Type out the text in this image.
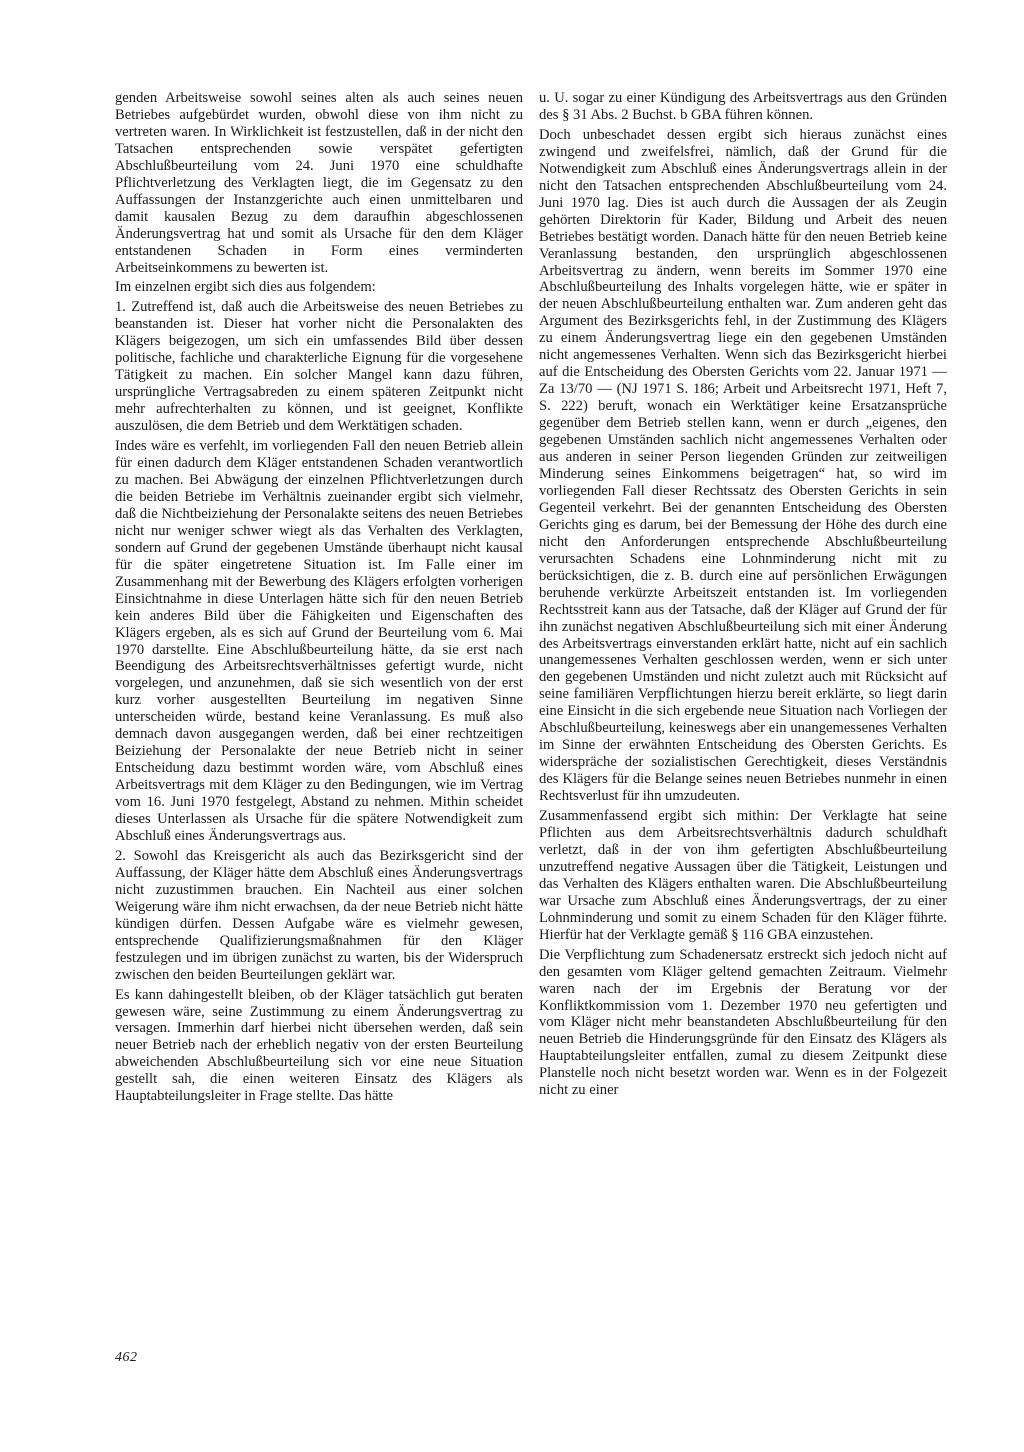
genden Arbeitsweise sowohl seines alten als auch seines neuen Betriebes aufgebürdet wurden, obwohl diese von ihm nicht zu vertreten waren. In Wirklichkeit ist festzustellen, daß in der nicht den Tatsachen entsprechenden sowie verspätet gefertigten Abschlußbeurteilung vom 24. Juni 1970 eine schuldhafte Pflichtverletzung des Verklagten liegt, die im Gegensatz zu den Auffassungen der Instanzgerichte auch einen unmittelbaren und damit kausalen Bezug zu dem daraufhin abgeschlossenen Änderungsvertrag hat und somit als Ursache für den dem Kläger entstandenen Schaden in Form eines verminderten Arbeitseinkommens zu bewerten ist.

Im einzelnen ergibt sich dies aus folgendem:

1. Zutreffend ist, daß auch die Arbeitsweise des neuen Betriebes zu beanstanden ist. Dieser hat vorher nicht die Personalakten des Klägers beigezogen, um sich ein umfassendes Bild über dessen politische, fachliche und charakterliche Eignung für die vorgesehene Tätigkeit zu machen. Ein solcher Mangel kann dazu führen, ursprüngliche Vertragsabreden zu einem späteren Zeitpunkt nicht mehr aufrechterhalten zu können, und ist geeignet, Konflikte auszulösen, die dem Betrieb und dem Werktätigen schaden.

Indes wäre es verfehlt, im vorliegenden Fall den neuen Betrieb allein für einen dadurch dem Kläger entstandenen Schaden verantwortlich zu machen. Bei Abwägung der einzelnen Pflichtverletzungen durch die beiden Betriebe im Verhältnis zueinander ergibt sich vielmehr, daß die Nichtbeiziehung der Personalakte seitens des neuen Betriebes nicht nur weniger schwer wiegt als das Verhalten des Verklagten, sondern auf Grund der gegebenen Umstände überhaupt nicht kausal für die später eingetretene Situation ist. Im Falle einer im Zusammenhang mit der Bewerbung des Klägers erfolgten vorherigen Einsichtnahme in diese Unterlagen hätte sich für den neuen Betrieb kein anderes Bild über die Fähigkeiten und Eigenschaften des Klägers ergeben, als es sich auf Grund der Beurteilung vom 6. Mai 1970 darstellte. Eine Abschlußbeurteilung hätte, da sie erst nach Beendigung des Arbeitsrechtsverhältnisses gefertigt wurde, nicht vorgelegen, und anzunehmen, daß sie sich wesentlich von der erst kurz vorher ausgestellten Beurteilung im negativen Sinne unterscheiden würde, bestand keine Veranlassung. Es muß also demnach davon ausgegangen werden, daß bei einer rechtzeitigen Beiziehung der Personalakte der neue Betrieb nicht in seiner Entscheidung dazu bestimmt worden wäre, vom Abschluß eines Arbeitsvertrags mit dem Kläger zu den Bedingungen, wie im Vertrag vom 16. Juni 1970 festgelegt, Abstand zu nehmen. Mithin scheidet dieses Unterlassen als Ursache für die spätere Notwendigkeit zum Abschluß eines Änderungsvertrags aus.

2. Sowohl das Kreisgericht als auch das Bezirksgericht sind der Auffassung, der Kläger hätte dem Abschluß eines Änderungsvertrags nicht zuzustimmen brauchen. Ein Nachteil aus einer solchen Weigerung wäre ihm nicht erwachsen, da der neue Betrieb nicht hätte kündigen dürfen. Dessen Aufgabe wäre es vielmehr gewesen, entsprechende Qualifizierungsmaßnahmen für den Kläger festzulegen und im übrigen zunächst zu warten, bis der Widerspruch zwischen den beiden Beurteilungen geklärt war.

Es kann dahingestellt bleiben, ob der Kläger tatsächlich gut beraten gewesen wäre, seine Zustimmung zu einem Änderungsvertrag zu versagen. Immerhin darf hierbei nicht übersehen werden, daß sein neuer Betrieb nach der erheblich negativ von der ersten Beurteilung abweichenden Abschlußbeurteilung sich vor eine neue Situation gestellt sah, die einen weiteren Einsatz des Klägers als Hauptabteilungsleiter in Frage stellte. Das hätte

u. U. sogar zu einer Kündigung des Arbeitsvertrags aus den Gründen des § 31 Abs. 2 Buchst. b GBA führen können.

Doch unbeschadet dessen ergibt sich hieraus zunächst eines zwingend und zweifelsfrei, nämlich, daß der Grund für die Notwendigkeit zum Abschluß eines Änderungsvertrags allein in der nicht den Tatsachen entsprechenden Abschlußbeurteilung vom 24. Juni 1970 lag. Dies ist auch durch die Aussagen der als Zeugin gehörten Direktorin für Kader, Bildung und Arbeit des neuen Betriebes bestätigt worden. Danach hätte für den neuen Betrieb keine Veranlassung bestanden, den ursprünglich abgeschlossenen Arbeitsvertrag zu ändern, wenn bereits im Sommer 1970 eine Abschlußbeurteilung des Inhalts vorgelegen hätte, wie er später in der neuen Abschlußbeurteilung enthalten war. Zum anderen geht das Argument des Bezirksgerichts fehl, in der Zustimmung des Klägers zu einem Änderungsvertrag liege ein den gegebenen Umständen nicht angemessenes Verhalten. Wenn sich das Bezirksgericht hierbei auf die Entscheidung des Obersten Gerichts vom 22. Januar 1971 — Za 13/70 — (NJ 1971 S. 186; Arbeit und Arbeitsrecht 1971, Heft 7, S. 222) beruft, wonach ein Werktätiger keine Ersatzansprüche gegenüber dem Betrieb stellen kann, wenn er durch „eigenes, den gegebenen Umständen sachlich nicht angemessenes Verhalten oder aus anderen in seiner Person liegenden Gründen zur zeitweiligen Minderung seines Einkommens beigetragen“ hat, so wird im vorliegenden Fall dieser Rechtssatz des Obersten Gerichts in sein Gegenteil verkehrt. Bei der genannten Entscheidung des Obersten Gerichts ging es darum, bei der Bemessung der Höhe des durch eine nicht den Anforderungen entsprechende Abschlußbeurteilung verursachten Schadens eine Lohnminderung nicht mit zu berücksichtigen, die z. B. durch eine auf persönlichen Erwägungen beruhende verkürzte Arbeitszeit entstanden ist. Im vorliegenden Rechtsstreit kann aus der Tatsache, daß der Kläger auf Grund der für ihn zunächst negativen Abschlußbeurteilung sich mit einer Änderung des Arbeitsvertrags einverstanden erklärt hatte, nicht auf ein sachlich unangemessenes Verhalten geschlossen werden, wenn er sich unter den gegebenen Umständen und nicht zuletzt auch mit Rücksicht auf seine familiären Verpflichtungen hierzu bereit erklärte, so liegt darin eine Einsicht in die sich ergebende neue Situation nach Vorliegen der Abschlußbeurteilung, keineswegs aber ein unangemessenes Verhalten im Sinne der erwähnten Entscheidung des Obersten Gerichts. Es widerspräche der sozialistischen Gerechtigkeit, dieses Verständnis des Klägers für die Belange seines neuen Betriebes nunmehr in einen Rechtsverlust für ihn umzudeuten.

Zusammenfassend ergibt sich mithin: Der Verklagte hat seine Pflichten aus dem Arbeitsrechtsverhältnis dadurch schuldhaft verletzt, daß in der von ihm gefertigten Abschlußbeurteilung unzutreffend negative Aussagen über die Tätigkeit, Leistungen und das Verhalten des Klägers enthalten waren. Die Abschlußbeurteilung war Ursache zum Abschluß eines Änderungsvertrags, der zu einer Lohnminderung und somit zu einem Schaden für den Kläger führte. Hierfür hat der Verklagte gemäß § 116 GBA einzustehen.

Die Verpflichtung zum Schadenersatz erstreckt sich jedoch nicht auf den gesamten vom Kläger geltend gemachten Zeitraum. Vielmehr waren nach der im Ergebnis der Beratung vor der Konfliktkommission vom 1. Dezember 1970 neu gefertigten und vom Kläger nicht mehr beanstandeten Abschlußbeurteilung für den neuen Betrieb die Hinderungsgründe für den Einsatz des Klägers als Hauptabteilungsleiter entfallen, zumal zu diesem Zeitpunkt diese Planstelle noch nicht besetzt worden war. Wenn es in der Folgezeit nicht zu einer

462
